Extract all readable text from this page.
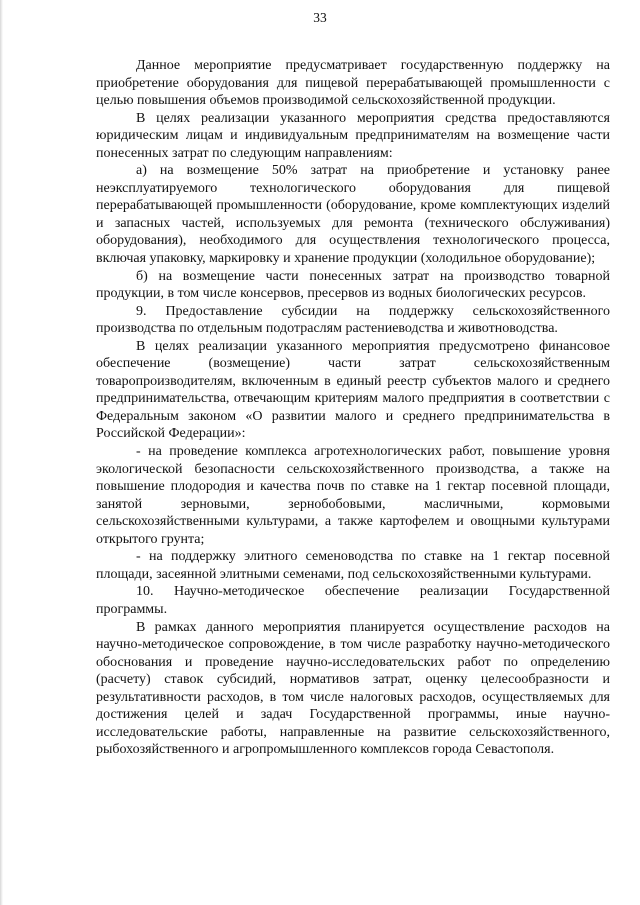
33

Данное мероприятие предусматривает государственную поддержку на приобретение оборудования для пищевой перерабатывающей промышленности с целью повышения объемов производимой сельскохозяйственной продукции.

В целях реализации указанного мероприятия средства предоставляются юридическим лицам и индивидуальным предпринимателям на возмещение части понесенных затрат по следующим направлениям:

а) на возмещение 50% затрат на приобретение и установку ранее неэксплуатируемого технологического оборудования для пищевой перерабатывающей промышленности (оборудование, кроме комплектующих изделий и запасных частей, используемых для ремонта (технического обслуживания) оборудования), необходимого для осуществления технологического процесса, включая упаковку, маркировку и хранение продукции (холодильное оборудование);

б) на возмещение части понесенных затрат на производство товарной продукции, в том числе консервов, пресервов из водных биологических ресурсов.

9. Предоставление субсидии на поддержку сельскохозяйственного производства по отдельным подотраслям растениеводства и животноводства.

В целях реализации указанного мероприятия предусмотрено финансовое обеспечение (возмещение) части затрат сельскохозяйственным товаропроизводителям, включенным в единый реестр субъектов малого и среднего предпринимательства, отвечающим критериям малого предприятия в соответствии с Федеральным законом «О развитии малого и среднего предпринимательства в Российской Федерации»:

- на проведение комплекса агротехнологических работ, повышение уровня экологической безопасности сельскохозяйственного производства, а также на повышение плодородия и качества почв по ставке на 1 гектар посевной площади, занятой зерновыми, зернобобовыми, масличными, кормовыми сельскохозяйственными культурами, а также картофелем и овощными культурами открытого грунта;

- на поддержку элитного семеноводства по ставке на 1 гектар посевной площади, засеянной элитными семенами, под сельскохозяйственными культурами.

10. Научно-методическое обеспечение реализации Государственной программы.

В рамках данного мероприятия планируется осуществление расходов на научно-методическое сопровождение, в том числе разработку научно-методического обоснования и проведение научно-исследовательских работ по определению (расчету) ставок субсидий, нормативов затрат, оценку целесообразности и результативности расходов, в том числе налоговых расходов, осуществляемых для достижения целей и задач Государственной программы, иные научно-исследовательские работы, направленные на развитие сельскохозяйственного, рыбохозяйственного и агропромышленного комплексов города Севастополя.
